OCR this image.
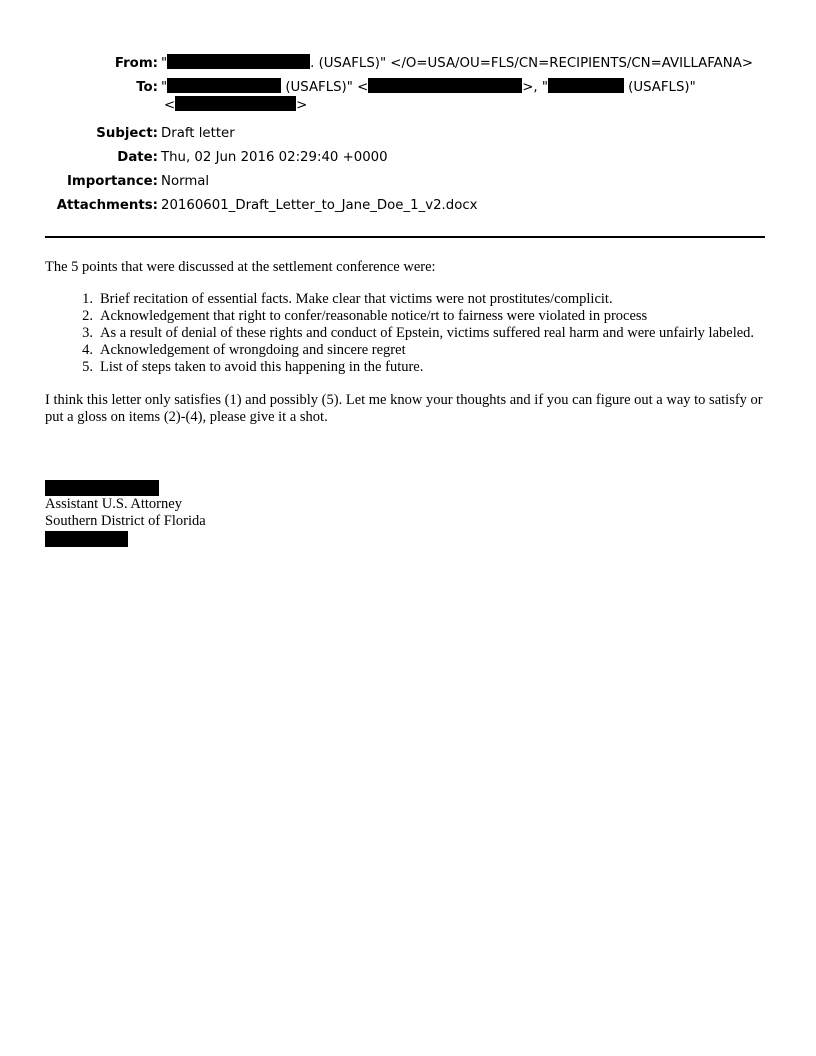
From: "	. (USAFLS)" </O=USA/OU=FLS/CN=RECIPIENTS/CN=AVILLAFANA>
To: "	(USAFLS)" <	>, "	(USAFLS)"
<	>
Subject: Draft letter
Date: Thu, 02 Jun 2016 02:29:40 +0000
Importance: Normal
Attachments: 20160601_Draft_Letter_to_Jane_Doe_1_v2.docx

The 5 points that were discussed at the settlement conference were:

1. Brief recitation of essential facts. Make clear that victims were not prostitutes/complicit.
2. Acknowledgement that right to confer/reasonable notice/rt to fairness were violated in process
3. As a result of denial of these rights and conduct of Epstein, victims suffered real harm and were unfairly labeled.
4. Acknowledgement of wrongdoing and sincere regret
5. List of steps taken to avoid this happening in the future.

I think this letter only satisfies (1) and possibly (5). Let me know your thoughts and if you can figure out a way to satisfy or put a gloss on items (2)-(4), please give it a shot.

Assistant U.S. Attorney
Southern District of Florida
